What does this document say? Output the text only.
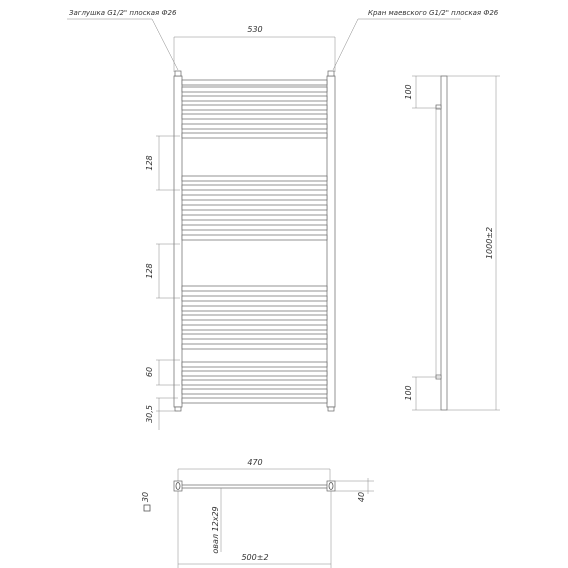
Заглушка G1/2" плоская Ф26	Кран маевского G1/2" плоская Ф26
530
128
128
60
30,5
100
1000±2
100
470
30	40
овал 12x29
500±2
